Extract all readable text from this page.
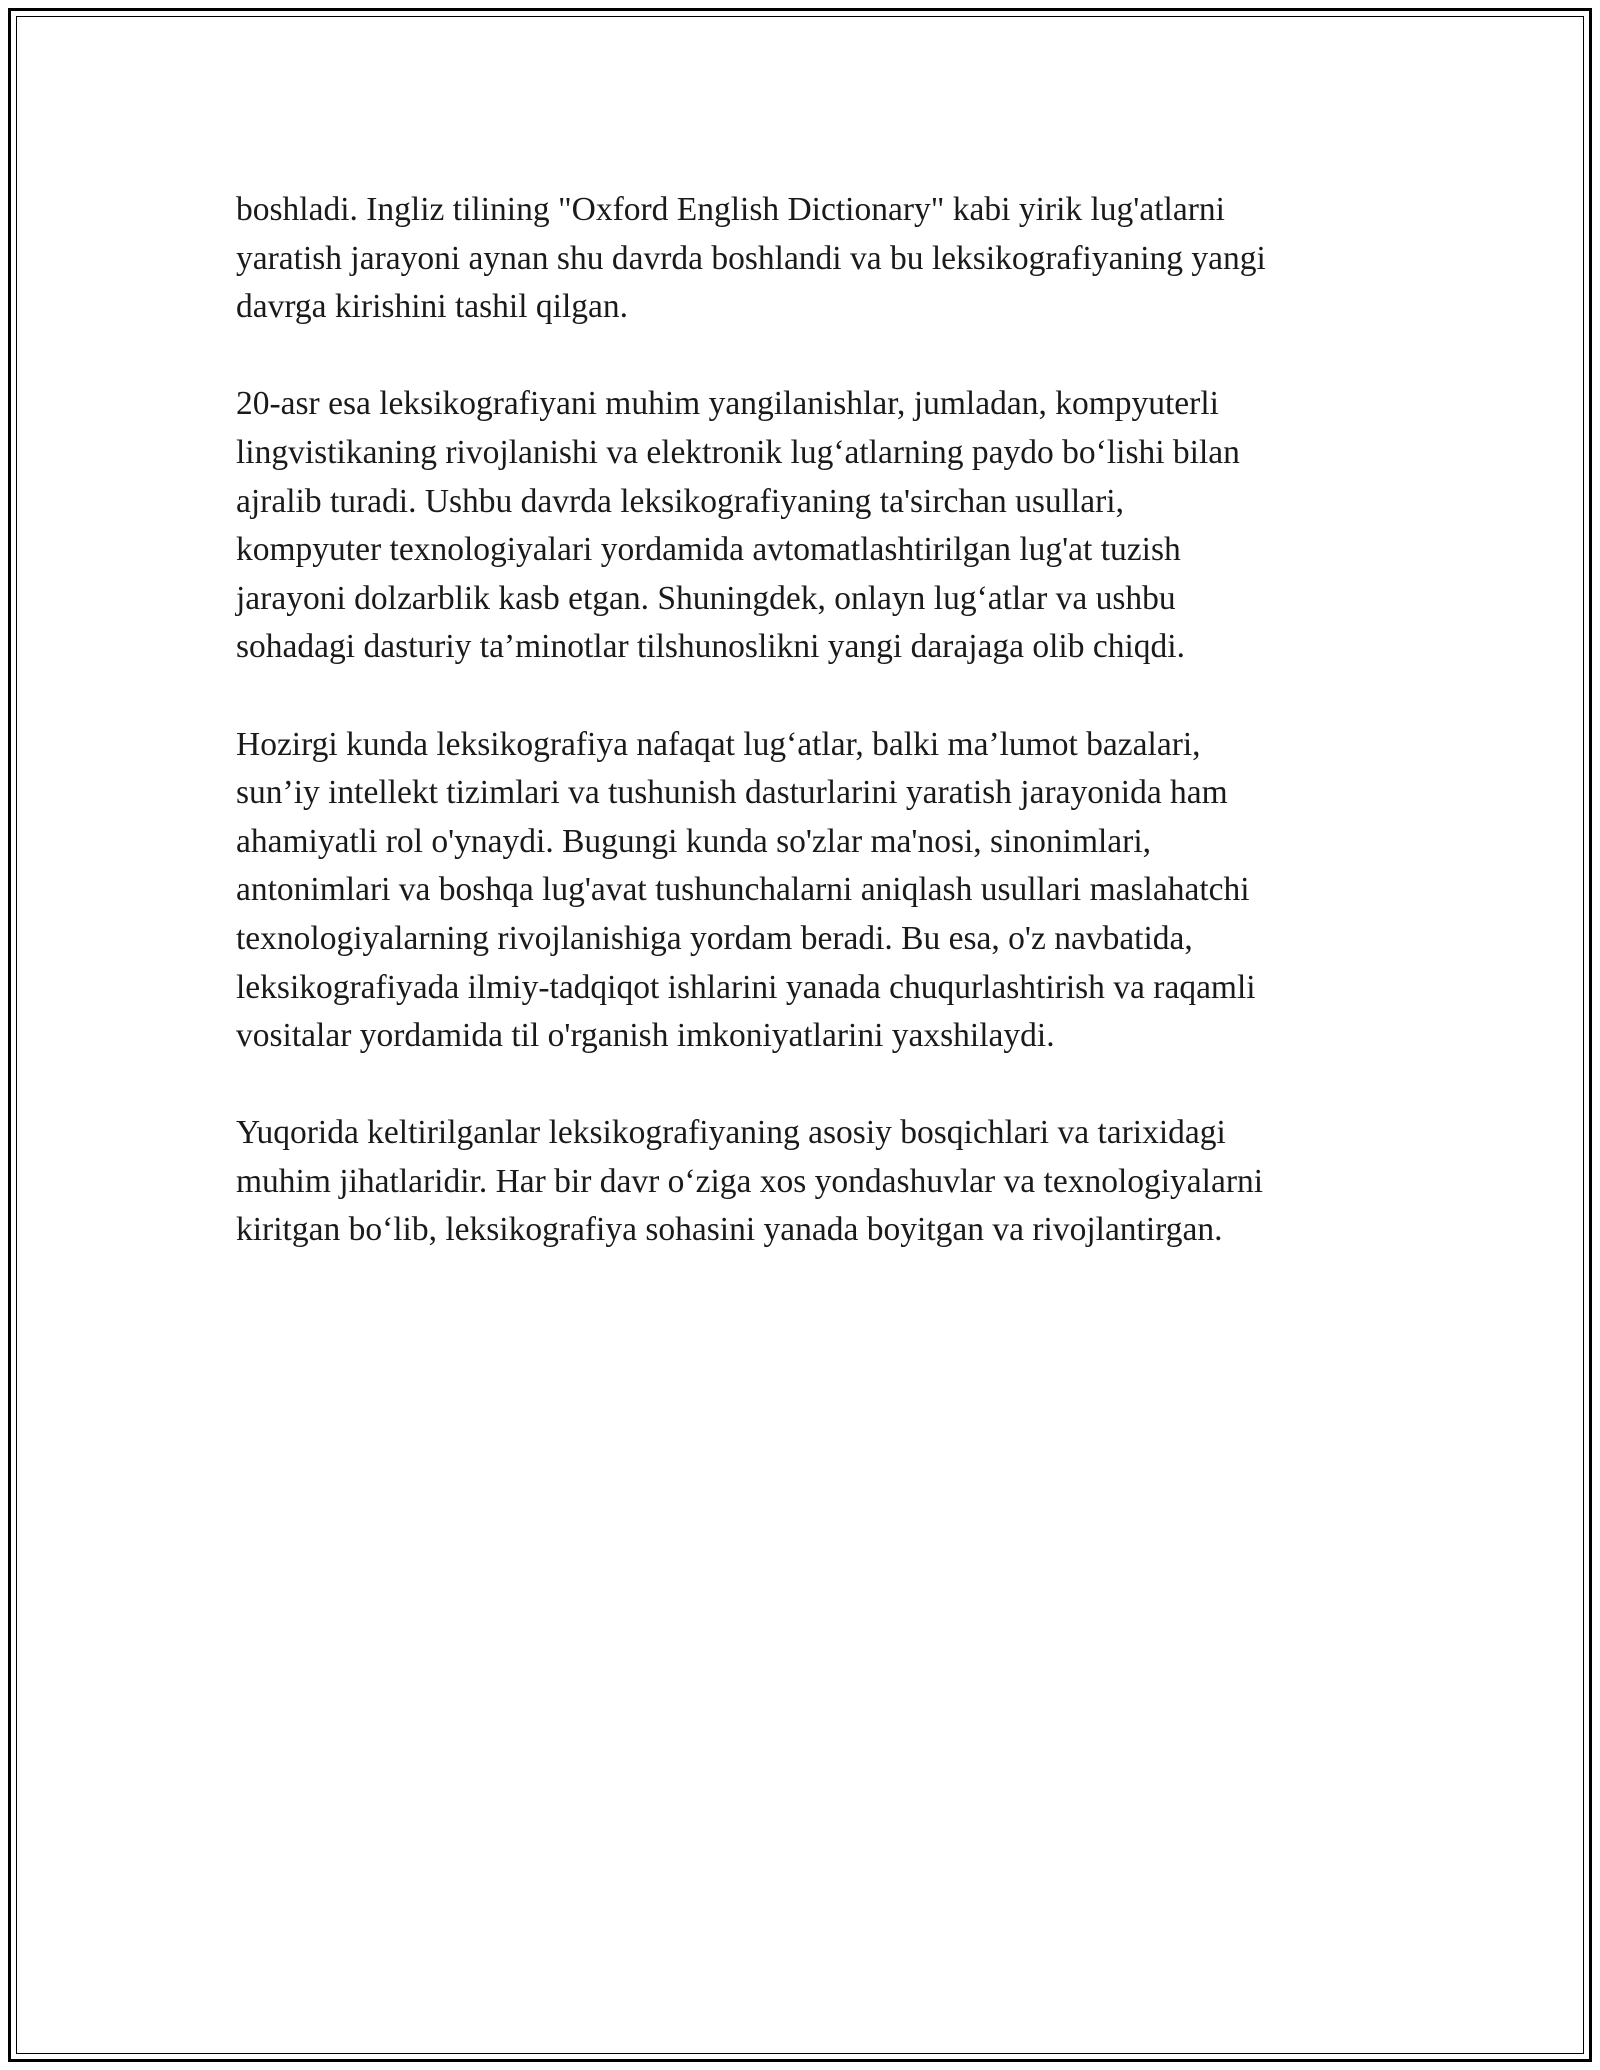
boshladi. Ingliz tilining "Oxford English Dictionary" kabi yirik lug'atlarni
yaratish jarayoni aynan shu davrda boshlandi va bu leksikografiyaning yangi
davrga kirishini tashil qilgan.

20-asr esa leksikografiyani muhim yangilanishlar, jumladan, kompyuterli
lingvistikaning rivojlanishi va elektronik lug‘atlarning paydo bo‘lishi bilan
ajralib turadi. Ushbu davrda leksikografiyaning ta'sirchan usullari,
kompyuter texnologiyalari yordamida avtomatlashtirilgan lug'at tuzish
jarayoni dolzarblik kasb etgan. Shuningdek, onlayn lug‘atlar va ushbu
sohadagi dasturiy ta’minotlar tilshunoslikni yangi darajaga olib chiqdi.

Hozirgi kunda leksikografiya nafaqat lug‘atlar, balki ma’lumot bazalari,
sun’iy intellekt tizimlari va tushunish dasturlarini yaratish jarayonida ham
ahamiyatli rol o'ynaydi. Bugungi kunda so'zlar ma'nosi, sinonimlari,
antonimlari va boshqa lug'avat tushunchalarni aniqlash usullari maslahatchi
texnologiyalarning rivojlanishiga yordam beradi. Bu esa, o'z navbatida,
leksikografiyada ilmiy-tadqiqot ishlarini yanada chuqurlashtirish va raqamli
vositalar yordamida til o'rganish imkoniyatlarini yaxshilaydi.

Yuqorida keltirilganlar leksikografiyaning asosiy bosqichlari va tarixidagi
muhim jihatlaridir. Har bir davr o‘ziga xos yondashuvlar va texnologiyalarni
kiritgan bo‘lib, leksikografiya sohasini yanada boyitgan va rivojlantirgan.
